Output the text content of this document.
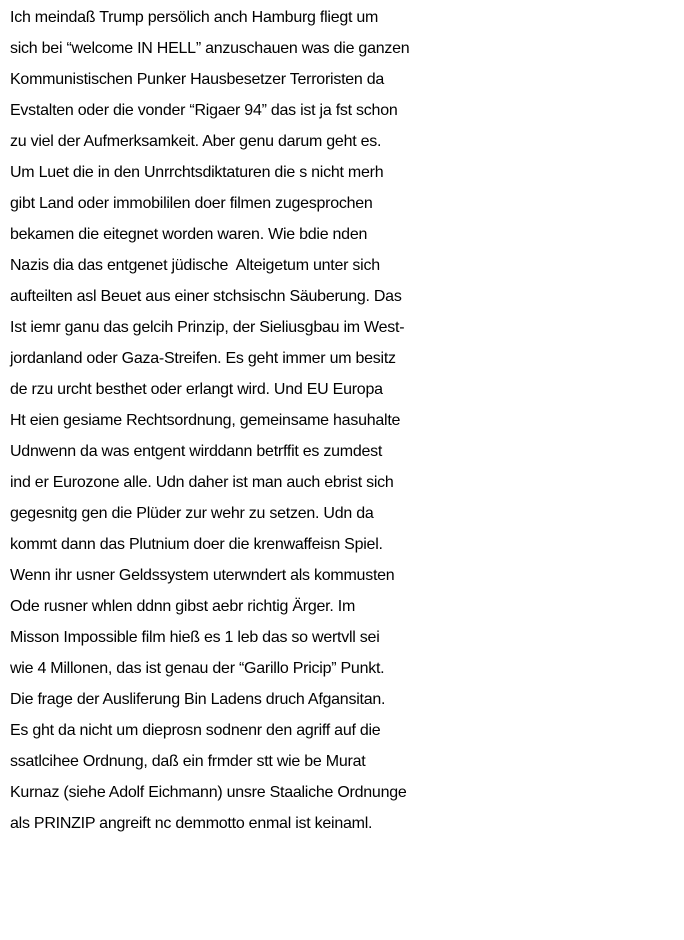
Ich meindaß Trump persölich anch Hamburg fliegt um
sich bei “welcome IN HELL” anzuschauen was die ganzen
Kommunistischen Punker Hausbesetzer Terroristen da
Evstalten oder die vonder “Rigaer 94” das ist ja fst schon
zu viel der Aufmerksamkeit. Aber genu darum geht es.
Um Luet die in den Unrrchtsdiktaturen die s nicht merh
gibt Land oder immobililen doer filmen zugesprochen
bekamen die eitegnet worden waren. Wie bdie nden
Nazis dia das entgenet jüdische  Alteigetum unter sich
aufteilten asl Beuet aus einer stchsischn Säuberung. Das
Ist iemr ganu das gelcih Prinzip, der Sieliusgbau im West-
jordanland oder Gaza-Streifen. Es geht immer um besitz
de rzu urcht besthet oder erlangt wird. Und EU Europa
Ht eien gesiame Rechtsordnung, gemeinsame hasuhalte
Udnwenn da was entgent wirddann betrffit es zumdest
ind er Eurozone alle. Udn daher ist man auch ebrist sich
gegesnitg gen die Plüder zur wehr zu setzen. Udn da
kommt dann das Plutnium doer die krenwaffeisn Spiel.
Wenn ihr usner Geldssystem uterwndert als kommusten
Ode rusner whlen ddnn gibst aebr richtig Ärger. Im
Misson Impossible film hieß es 1 leb das so wertvll sei
wie 4 Millonen, das ist genau der “Garillo Pricip” Punkt.
Die frage der Ausliferung Bin Ladens druch Afgansitan.
Es ght da nicht um dieprosn sodnenr den agriff auf die
ssatlcihee Ordnung, daß ein frmder stt wie be Murat
Kurnaz (siehe Adolf Eichmann) unsre Staaliche Ordnunge
als PRINZIP angreift nc demmotto enmal ist keinaml.
